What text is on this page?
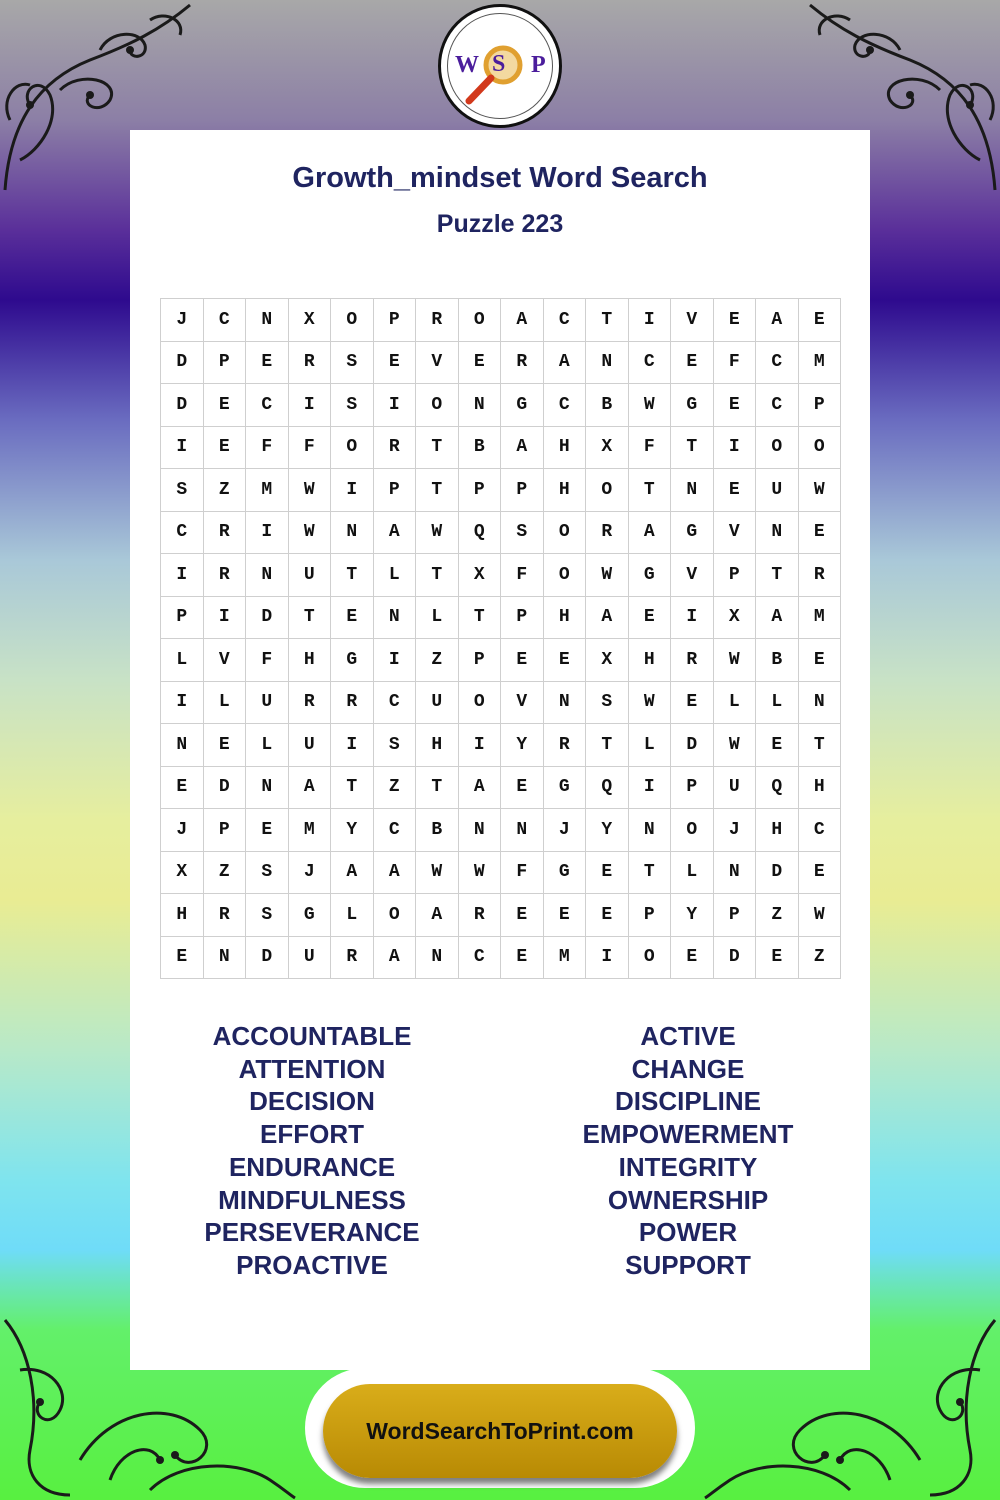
W S P
Growth_mindset Word Search
Puzzle 223
J	C	N	X	O	P	R	O	A	C	T	I	V	E	A	E
D	P	E	R	S	E	V	E	R	A	N	C	E	F	C	M
D	E	C	I	S	I	O	N	G	C	B	W	G	E	C	P
I	E	F	F	O	R	T	B	A	H	X	F	T	I	O	O
S	Z	M	W	I	P	T	P	P	H	O	T	N	E	U	W
C	R	I	W	N	A	W	Q	S	O	R	A	G	V	N	E
I	R	N	U	T	L	T	X	F	O	W	G	V	P	T	R
P	I	D	T	E	N	L	T	P	H	A	E	I	X	A	M
L	V	F	H	G	I	Z	P	E	E	X	H	R	W	B	E
I	L	U	R	R	C	U	O	V	N	S	W	E	L	L	N
N	E	L	U	I	S	H	I	Y	R	T	L	D	W	E	T
E	D	N	A	T	Z	T	A	E	G	Q	I	P	U	Q	H
J	P	E	M	Y	C	B	N	N	J	Y	N	O	J	H	C
X	Z	S	J	A	A	W	W	F	G	E	T	L	N	D	E
H	R	S	G	L	O	A	R	E	E	E	P	Y	P	Z	W
E	N	D	U	R	A	N	C	E	M	I	O	E	D	E	Z
ACCOUNTABLE
ATTENTION
DECISION
EFFORT
ENDURANCE
MINDFULNESS
PERSEVERANCE
PROACTIVE
ACTIVE
CHANGE
DISCIPLINE
EMPOWERMENT
INTEGRITY
OWNERSHIP
POWER
SUPPORT
WordSearchToPrint.com
